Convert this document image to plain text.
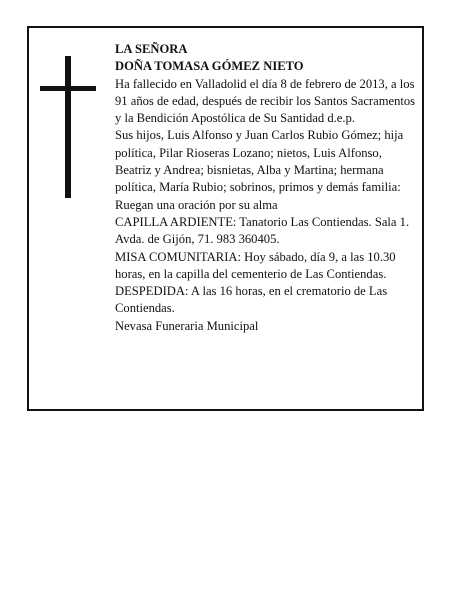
LA SEÑORA

DOÑA TOMASA GÓMEZ NIETO

Ha fallecido en Valladolid el día 8 de febrero de 2013, a los 91 años de edad, después de recibir los Santos Sacramentos y la Bendición Apostólica de Su Santidad d.e.p.

Sus hijos, Luis Alfonso y Juan Carlos Rubio Gómez; hija política, Pilar Rioseras Lozano; nietos, Luis Alfonso, Beatriz y Andrea; bisnietas, Alba y Martina; hermana política, María Rubio; sobrinos, primos y demás familia:

Ruegan una oración por su alma

CAPILLA ARDIENTE: Tanatorio Las Contiendas. Sala 1. Avda. de Gijón, 71. 983 360405.

MISA COMUNITARIA: Hoy sábado, día 9, a las 10.30 horas, en la capilla del cementerio de Las Contiendas.

DESPEDIDA: A las 16 horas, en el crematorio de Las Contiendas.

Nevasa Funeraria Municipal
